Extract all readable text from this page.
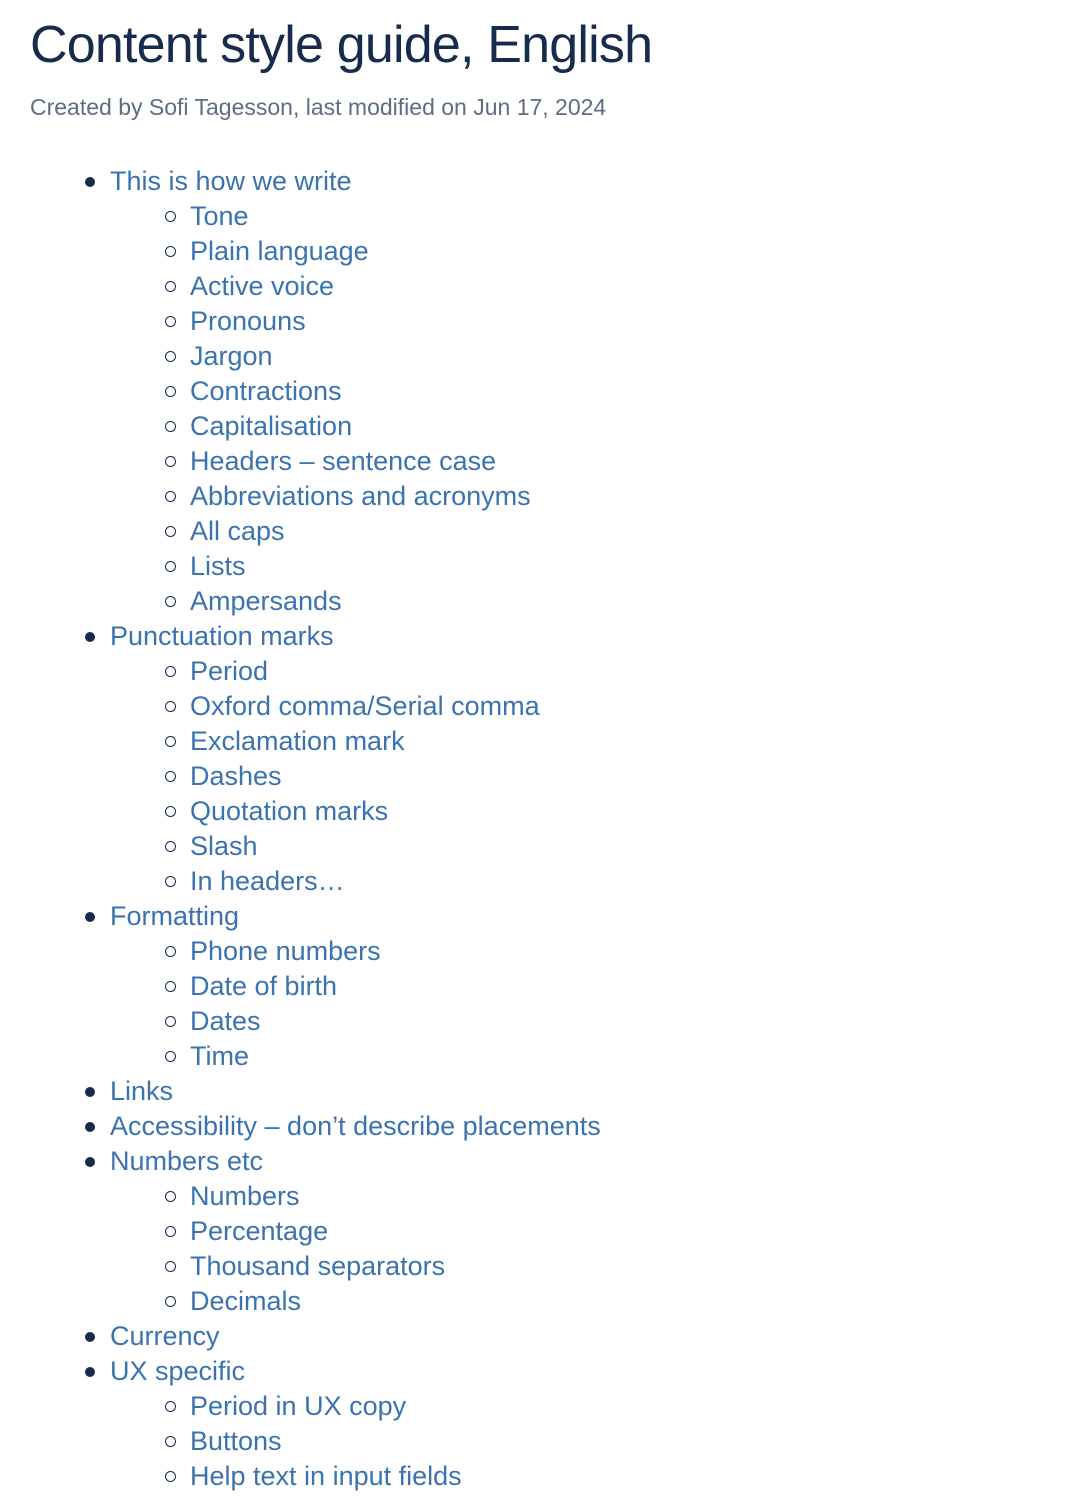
Content style guide, English
Created by Sofi Tagesson, last modified on Jun 17, 2024
This is how we write
Tone
Plain language
Active voice
Pronouns
Jargon
Contractions
Capitalisation
Headers – sentence case
Abbreviations and acronyms
All caps
Lists
Ampersands
Punctuation marks
Period
Oxford comma/Serial comma
Exclamation mark
Dashes
Quotation marks
Slash
In headers…
Formatting
Phone numbers
Date of birth
Dates
Time
Links
Accessibility – don’t describe placements
Numbers etc
Numbers
Percentage
Thousand separators
Decimals
Currency
UX specific
Period in UX copy
Buttons
Help text in input fields
